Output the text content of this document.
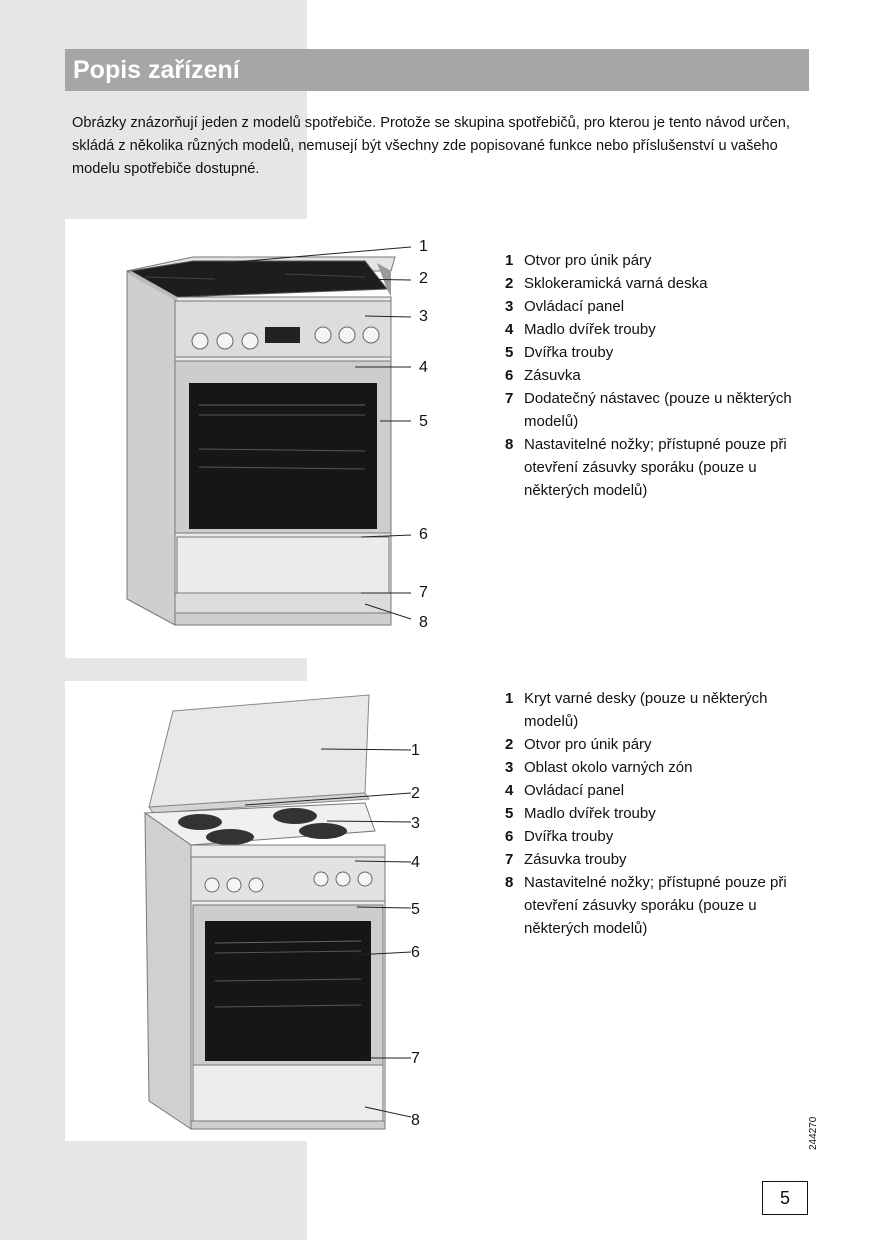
Popis zařízení

Obrázky znázorňují jeden z modelů spotřebiče. Protože se skupina spotřebičů, pro kterou je tento návod určen, skládá z několika různých modelů, nemusejí být všechny zde popisované funkce nebo příslušenství u vašeho modelu spotřebiče dostupné.

1
2
3
4
5
6
7
8
1 Otvor pro únik páry
2 Sklokeramická varná deska
3 Ovládací panel
4 Madlo dvířek trouby
5 Dvířka trouby
6 Zásuvka
7 Dodatečný nástavec (pouze u některých modelů)
8 Nastavitelné nožky; přístupné pouze při otevření zásuvky sporáku (pouze u některých modelů)
1
2
3
4
5
6
7
8
1 Kryt varné desky (pouze u některých modelů)
2 Otvor pro únik páry
3 Oblast okolo varných zón
4 Ovládací panel
5 Madlo dvířek trouby
6 Dvířka trouby
7 Zásuvka trouby
8 Nastavitelné nožky; přístupné pouze při otevření zásuvky sporáku (pouze u některých modelů)
244270
5
